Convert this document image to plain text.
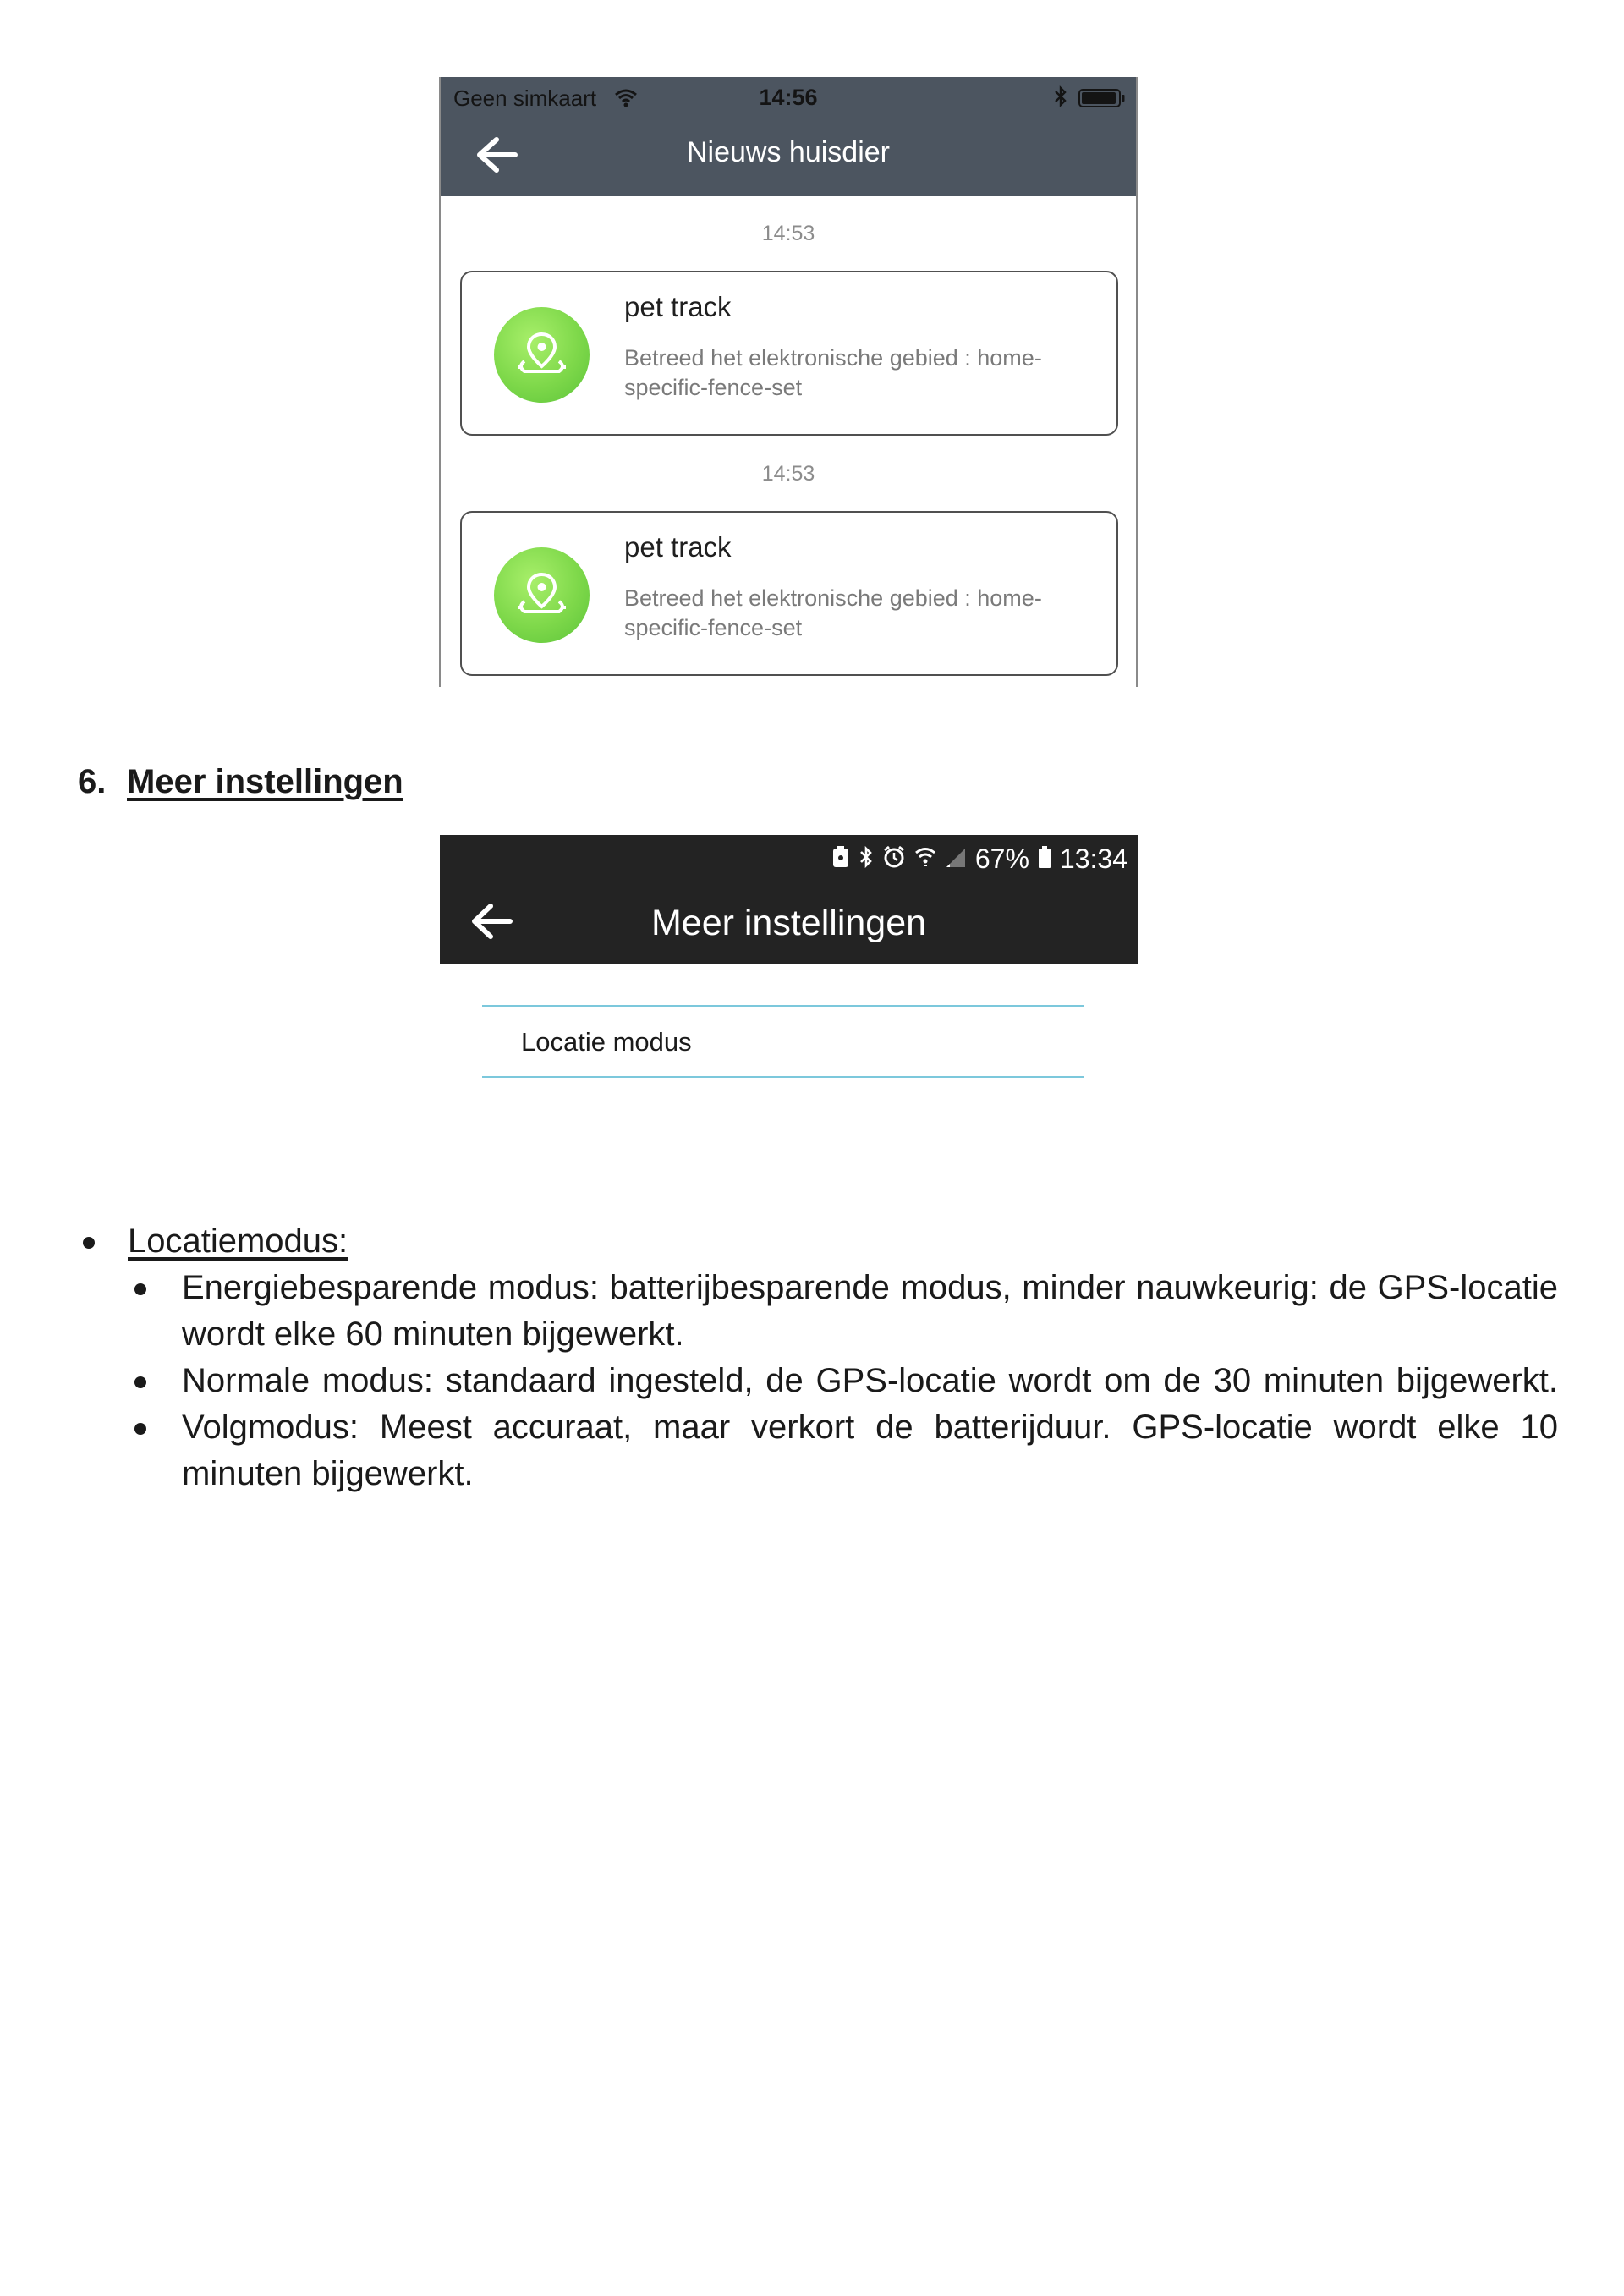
Geen simkaart	14:56
Nieuws huisdier
14:53
pet track
Betreed het elektronische gebied : home-specific-fence-set
14:53
pet track
Betreed het elektronische gebied : home-specific-fence-set
6. Meer instellingen
67% 13:34
Meer instellingen
Locatie modus
Locatiemodus:
Energiebesparende modus: batterijbesparende modus, minder nauwkeurig: de GPS-locatie wordt elke 60 minuten bijgewerkt.
Normale modus: standaard ingesteld, de GPS-locatie wordt om de 30 minuten bijgewerkt.
Volgmodus: Meest accuraat, maar verkort de batterijduur. GPS-locatie wordt elke 10 minuten bijgewerkt.
